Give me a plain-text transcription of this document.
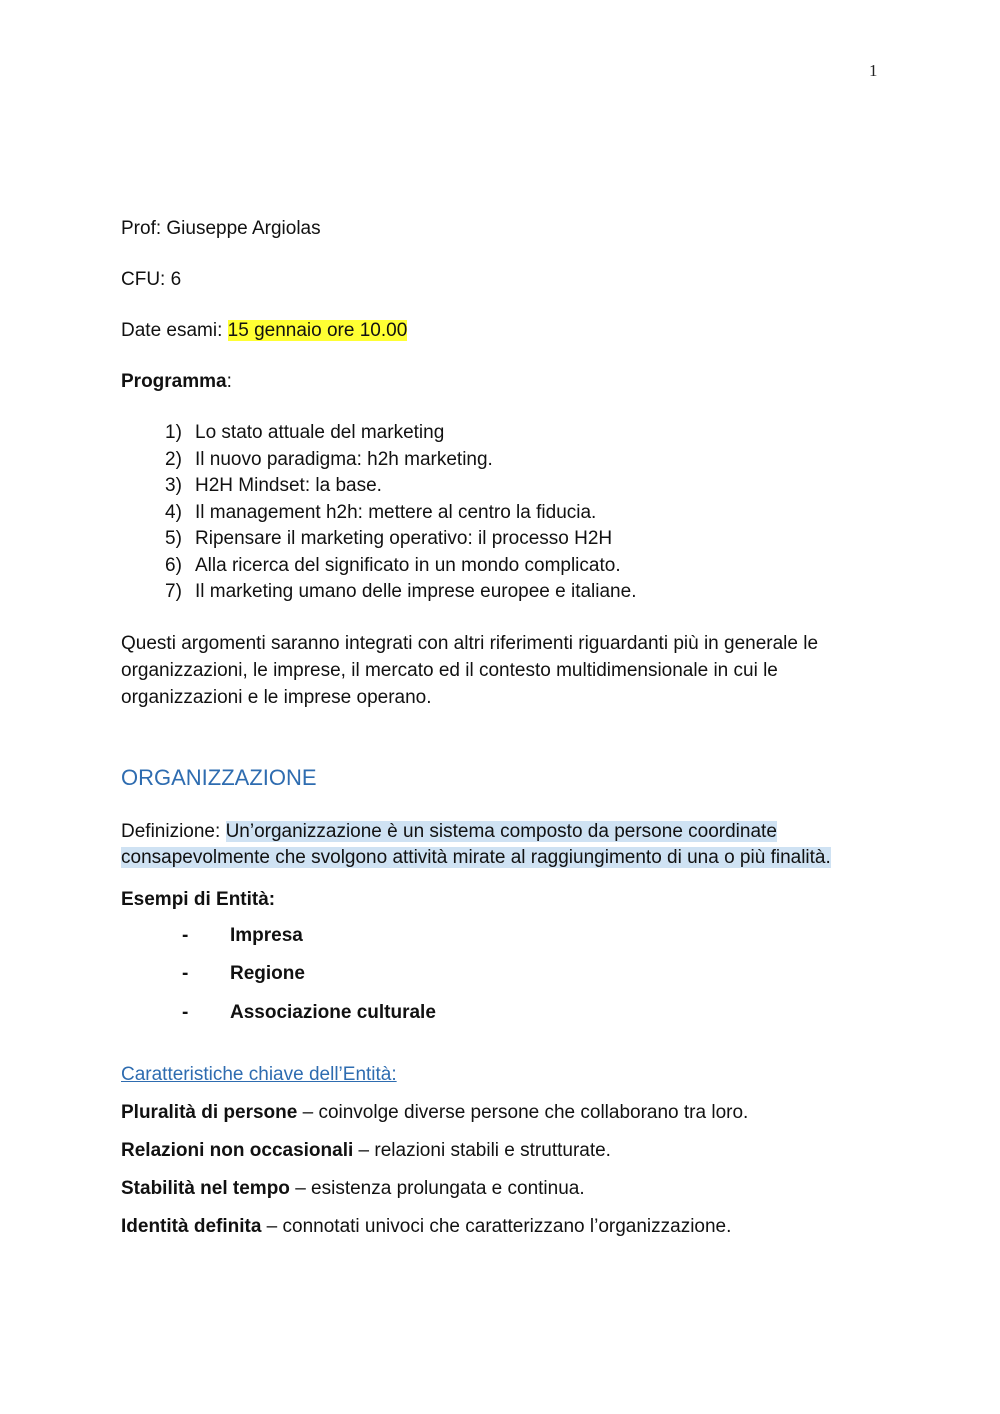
1
Prof: Giuseppe Argiolas
CFU: 6
Date esami: 15 gennaio ore 10.00
Programma:
1) Lo stato attuale del marketing
2) Il nuovo paradigma: h2h marketing.
3) H2H Mindset: la base.
4) Il management h2h: mettere al centro la fiducia.
5) Ripensare il marketing operativo: il processo H2H
6) Alla ricerca del significato in un mondo complicato.
7) Il marketing umano delle imprese europee e italiane.

Questi argomenti saranno integrati con altri riferimenti riguardanti più in generale le organizzazioni, le imprese, il mercato ed il contesto multidimensionale in cui le organizzazioni e le imprese operano.

ORGANIZZAZIONE
Definizione: Un’organizzazione è un sistema composto da persone coordinate consapevolmente che svolgono attività mirate al raggiungimento di una o più finalità.
Esempi di Entità:
-	Impresa
-	Regione
-	Associazione culturale
Caratteristiche chiave dell’Entità:
Pluralità di persone – coinvolge diverse persone che collaborano tra loro.
Relazioni non occasionali – relazioni stabili e strutturate.
Stabilità nel tempo – esistenza prolungata e continua.
Identità definita – connotati univoci che caratterizzano l’organizzazione.
